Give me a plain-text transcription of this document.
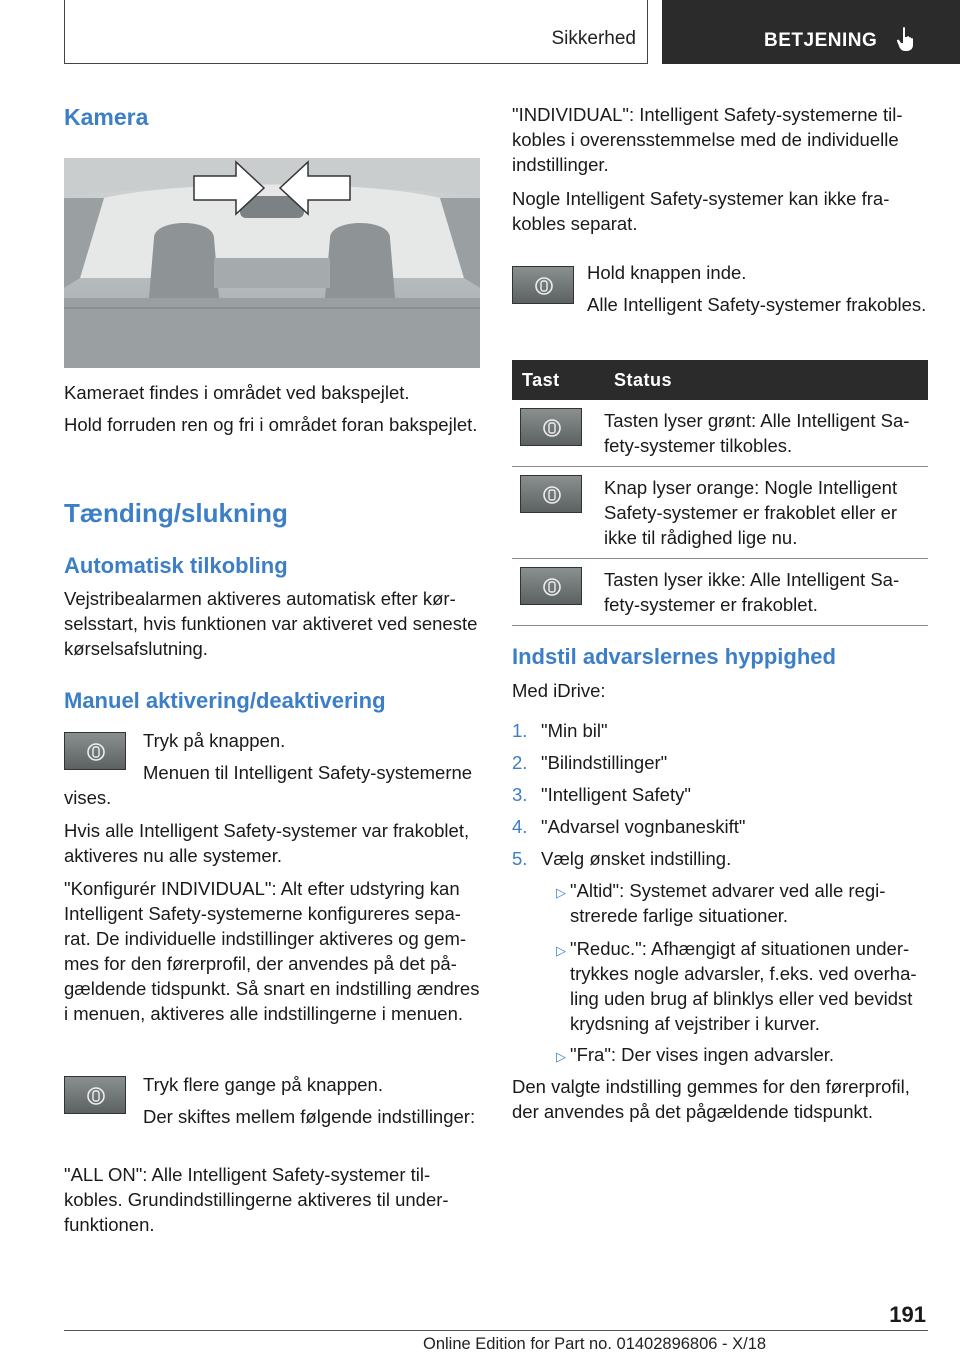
Sikkerhed	BETJENING
Kamera

Kameraet findes i området ved bakspejlet.

Hold forruden ren og fri i området foran bakspejlet.

Tænding/slukning
Automatisk tilkobling

Vejstribealarmen aktiveres automatisk efter kørselsstart, hvis funktionen var aktiveret ved seneste kørselsafslutning.

Manuel aktivering/deaktivering

Tryk på knappen.

Menuen til Intelligent Safety-systemerne vises.

Hvis alle Intelligent Safety-systemer var frakoblet, aktiveres nu alle systemer.

"Konfigurér INDIVIDUAL": Alt efter udstyring kan Intelligent Safety-systemerne konfigureres separat. De individuelle indstillinger aktiveres og gemmes for den førerprofil, der anvendes på det pågældende tidspunkt. Så snart en indstilling ændres i menuen, aktiveres alle indstillingerne i menuen.

Tryk flere gange på knappen.

Der skiftes mellem følgende indstillinger:

"ALL ON": Alle Intelligent Safety-systemer tilkobles. Grundindstillingerne aktiveres til underfunktionen.

"INDIVIDUAL": Intelligent Safety-systemerne tilkobles i overensstemmelse med de individuelle indstillinger.

Nogle Intelligent Safety-systemer kan ikke frakobles separat.

Hold knappen inde.

Alle Intelligent Safety-systemer frakobles.

Tast	Status

	Tasten lyser grønt: Alle Intelligent Safety-systemer tilkobles.

	Knap lyser orange: Nogle Intelligent Safety-systemer er frakoblet eller er ikke til rådighed lige nu.

	Tasten lyser ikke: Alle Intelligent Safety-systemer er frakoblet.
Indstil advarslernes hyppighed

Med iDrive:

1. "Min bil"
2. "Bilindstillinger"
3. "Intelligent Safety"
4. "Advarsel vognbaneskift"
5. Vælg ønsket indstilling.
▷ "Altid": Systemet advarer ved alle registrerede farlige situationer.

▷ "Reduc.": Afhængigt af situationen undertrykkes nogle advarsler, f.eks. ved overhaling uden brug af blinklys eller ved bevidst krydsning af vejstriber i kurver.

▷ "Fra": Der vises ingen advarsler.

Den valgte indstilling gemmes for den førerprofil, der anvendes på det pågældende tidspunkt.

191
Online Edition for Part no. 01402896806 - X/18
